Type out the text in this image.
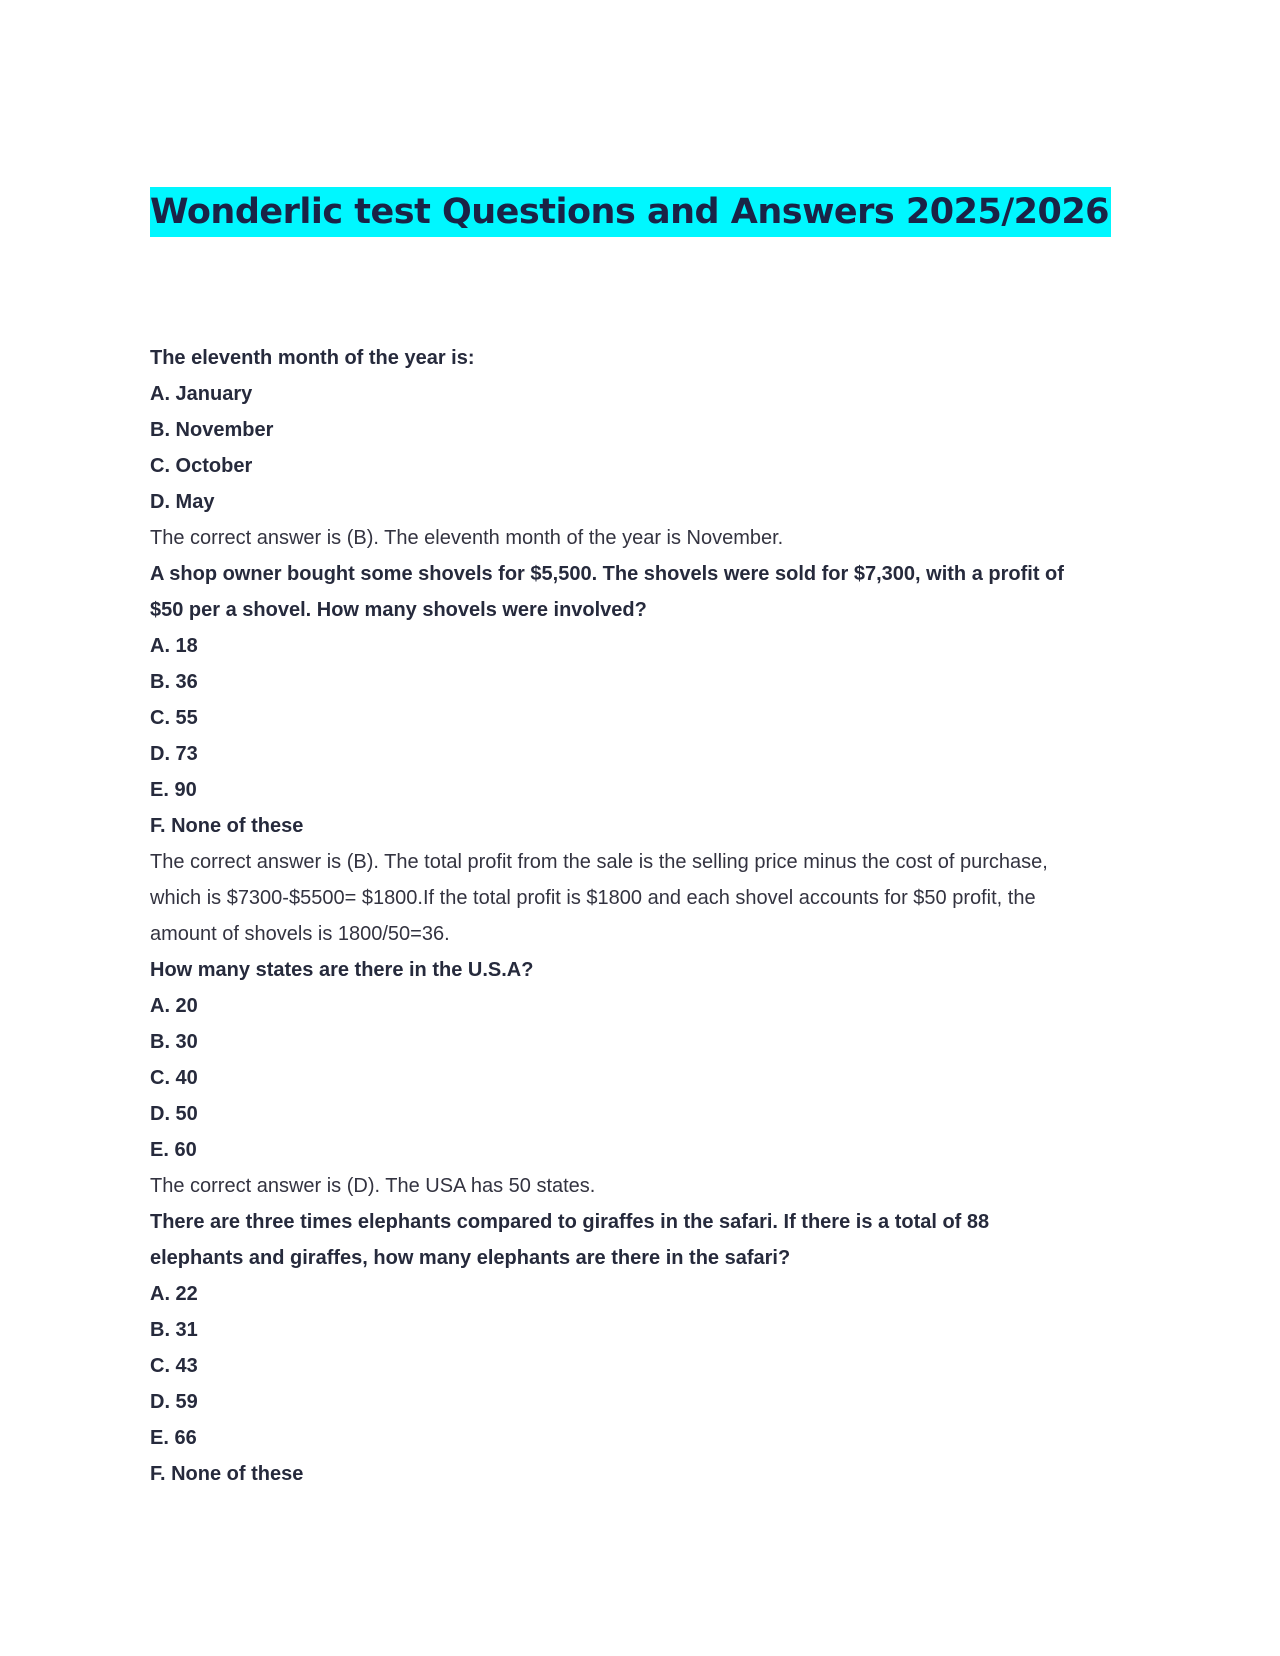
Wonderlic test Questions and Answers 2025/2026

The eleventh month of the year is:

A. January

B. November

C. October

D. May

The correct answer is (B). The eleventh month of the year is November.

A shop owner bought some shovels for $5,500. The shovels were sold for $7,300, with a profit of

$50 per a shovel. How many shovels were involved?

A. 18

B. 36

C. 55

D. 73

E. 90

F. None of these

The correct answer is (B). The total profit from the sale is the selling price minus the cost of purchase,

which is $7300-$5500= $1800.If the total profit is $1800 and each shovel accounts for $50 profit, the

amount of shovels is 1800/50=36.

How many states are there in the U.S.A?

A. 20

B. 30

C. 40

D. 50

E. 60

The correct answer is (D). The USA has 50 states.

There are three times elephants compared to giraffes in the safari. If there is a total of 88

elephants and giraffes, how many elephants are there in the safari?

A. 22

B. 31

C. 43

D. 59

E. 66

F. None of these
